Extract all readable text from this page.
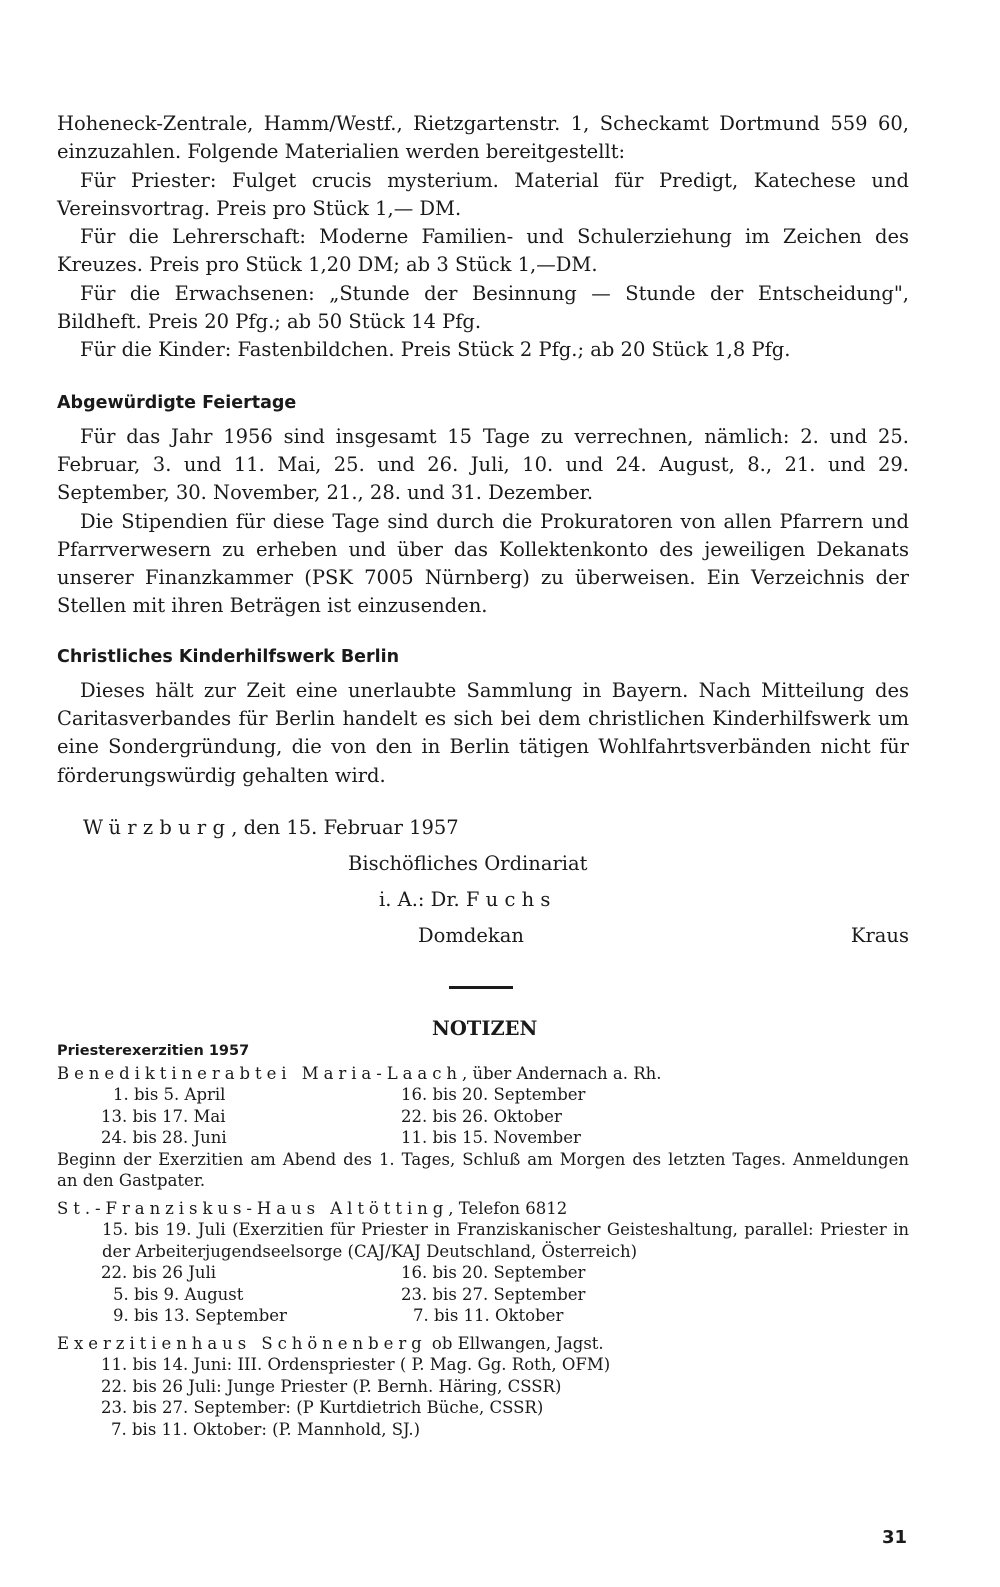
Hoheneck-Zentrale, Hamm/Westf., Rietzgartenstr. 1, Scheckamt Dortmund 559 60, einzuzahlen. Folgende Materialien werden bereitgestellt:

Für Priester: Fulget crucis mysterium. Material für Predigt, Katechese und Vereinsvortrag. Preis pro Stück 1,— DM.

Für die Lehrerschaft: Moderne Familien- und Schulerziehung im Zeichen des Kreuzes. Preis pro Stück 1,20 DM; ab 3 Stück 1,—DM.

Für die Erwachsenen: „Stunde der Besinnung — Stunde der Entscheidung", Bildheft. Preis 20 Pfg.; ab 50 Stück 14 Pfg.

Für die Kinder: Fastenbildchen. Preis Stück 2 Pfg.; ab 20 Stück 1,8 Pfg.

Abgewürdigte Feiertage

Für das Jahr 1956 sind insgesamt 15 Tage zu verrechnen, nämlich: 2. und 25. Februar, 3. und 11. Mai, 25. und 26. Juli, 10. und 24. August, 8., 21. und 29. September, 30. November, 21., 28. und 31. Dezember.

Die Stipendien für diese Tage sind durch die Prokuratoren von allen Pfarrern und Pfarrverwesern zu erheben und über das Kollektenkonto des jeweiligen Dekanats unserer Finanzkammer (PSK 7005 Nürnberg) zu überweisen. Ein Verzeichnis der Stellen mit ihren Beträgen ist einzusenden.

Christliches Kinderhilfswerk Berlin

Dieses hält zur Zeit eine unerlaubte Sammlung in Bayern. Nach Mitteilung des Caritasverbandes für Berlin handelt es sich bei dem christlichen Kinderhilfswerk um eine Sondergründung, die von den in Berlin tätigen Wohlfahrtsverbänden nicht für förderungswürdig gehalten wird.

Würzburg, den 15. Februar 1957

Bischöfliches Ordinariat

i. A.: Dr. Fuchs

Domdekan	Kraus

NOTIZEN

Priesterexerzitien 1957

Benediktinerabtei Maria-Laach, über Andernach a. Rh.

1. bis 5. April	16. bis 20. September
13. bis 17. Mai	22. bis 26. Oktober
24. bis 28. Juni	11. bis 15. November

Beginn der Exerzitien am Abend des 1. Tages, Schluß am Morgen des letzten Tages. Anmeldungen an den Gastpater.

St.-Franziskus-Haus Altötting, Telefon 6812

15. bis 19. Juli (Exerzitien für Priester in Franziskanischer Geisteshaltung, parallel: Priester in der Arbeiterjugendseelsorge (CAJ/KAJ Deutschland, Österreich)

22. bis 26 Juli	16. bis 20. September
5. bis 9. August	23. bis 27. September
9. bis 13. September	7. bis 11. Oktober

Exerzitienhaus Schönenberg ob Ellwangen, Jagst.

11. bis 14. Juni: III. Ordenspriester ( P. Mag. Gg. Roth, OFM)

22. bis 26 Juli: Junge Priester (P. Bernh. Häring, CSSR)

23. bis 27. September: (P Kurtdietrich Büche, CSSR)

7. bis 11. Oktober: (P. Mannhold, SJ.)

31
